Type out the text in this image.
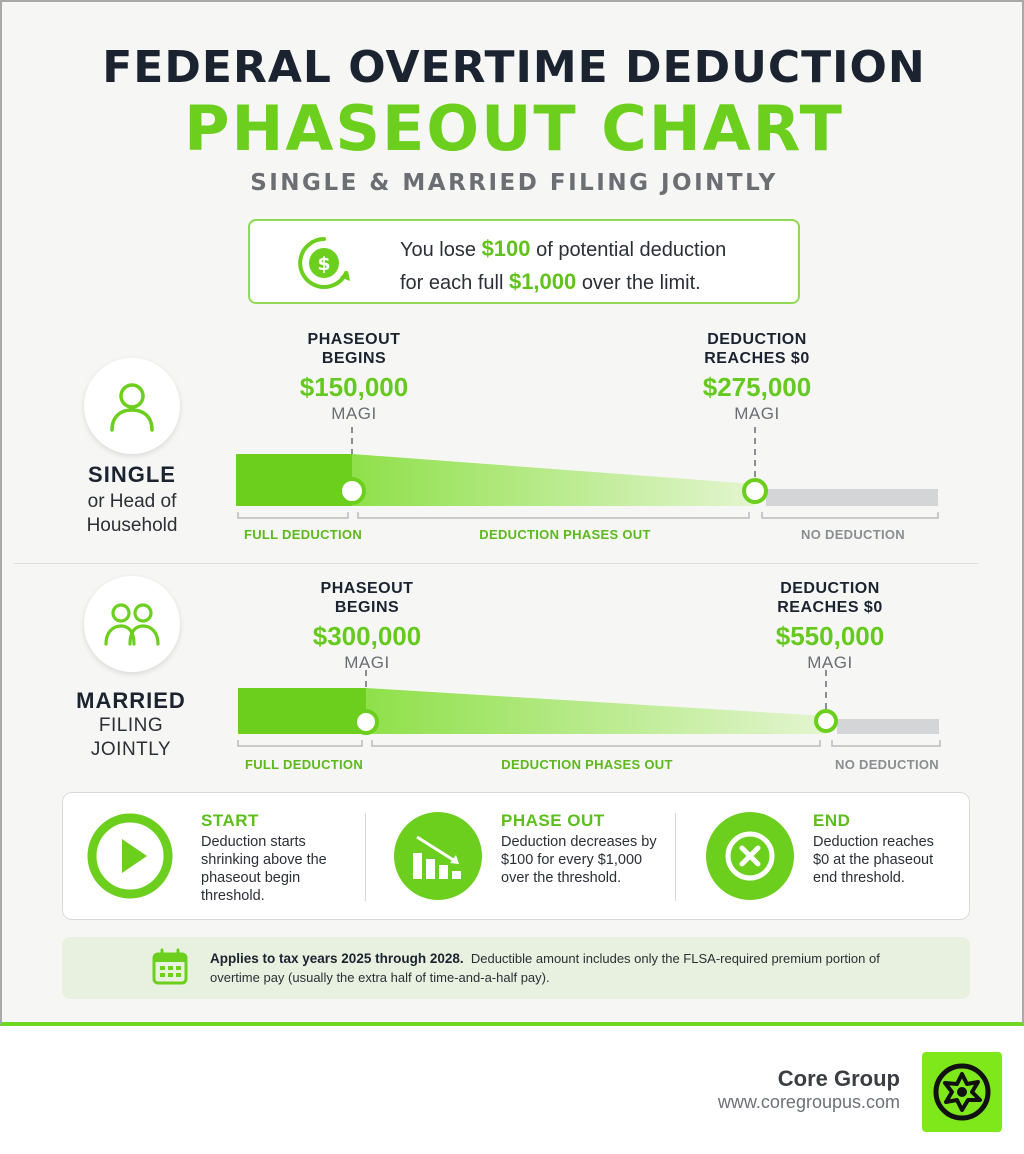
FEDERAL OVERTIME DEDUCTION
PHASEOUT CHART
SINGLE & MARRIED FILING JOINTLY
$
You lose $100 of potential deduction
for each full $1,000 over the limit.
SINGLE
or Head of
Household
PHASEOUT
BEGINS
$150,000
MAGI
DEDUCTION
REACHES $0
$275,000
MAGI
FULL DEDUCTION	DEDUCTION PHASES OUT	NO DEDUCTION
MARRIED
FILING
JOINTLY
PHASEOUT
BEGINS
$300,000
MAGI
DEDUCTION
REACHES $0
$550,000
MAGI
FULL DEDUCTION	DEDUCTION PHASES OUT	NO DEDUCTION
START
Deduction starts shrinking above the phaseout begin threshold.
PHASE OUT
Deduction decreases by $100 for every $1,000 over the threshold.
END
Deduction reaches $0 at the phaseout end threshold.
Applies to tax years 2025 through 2028. Deductible amount includes only the FLSA-required premium portion of overtime pay (usually the extra half of time-and-a-half pay).
Core Group
www.coregroupus.com
